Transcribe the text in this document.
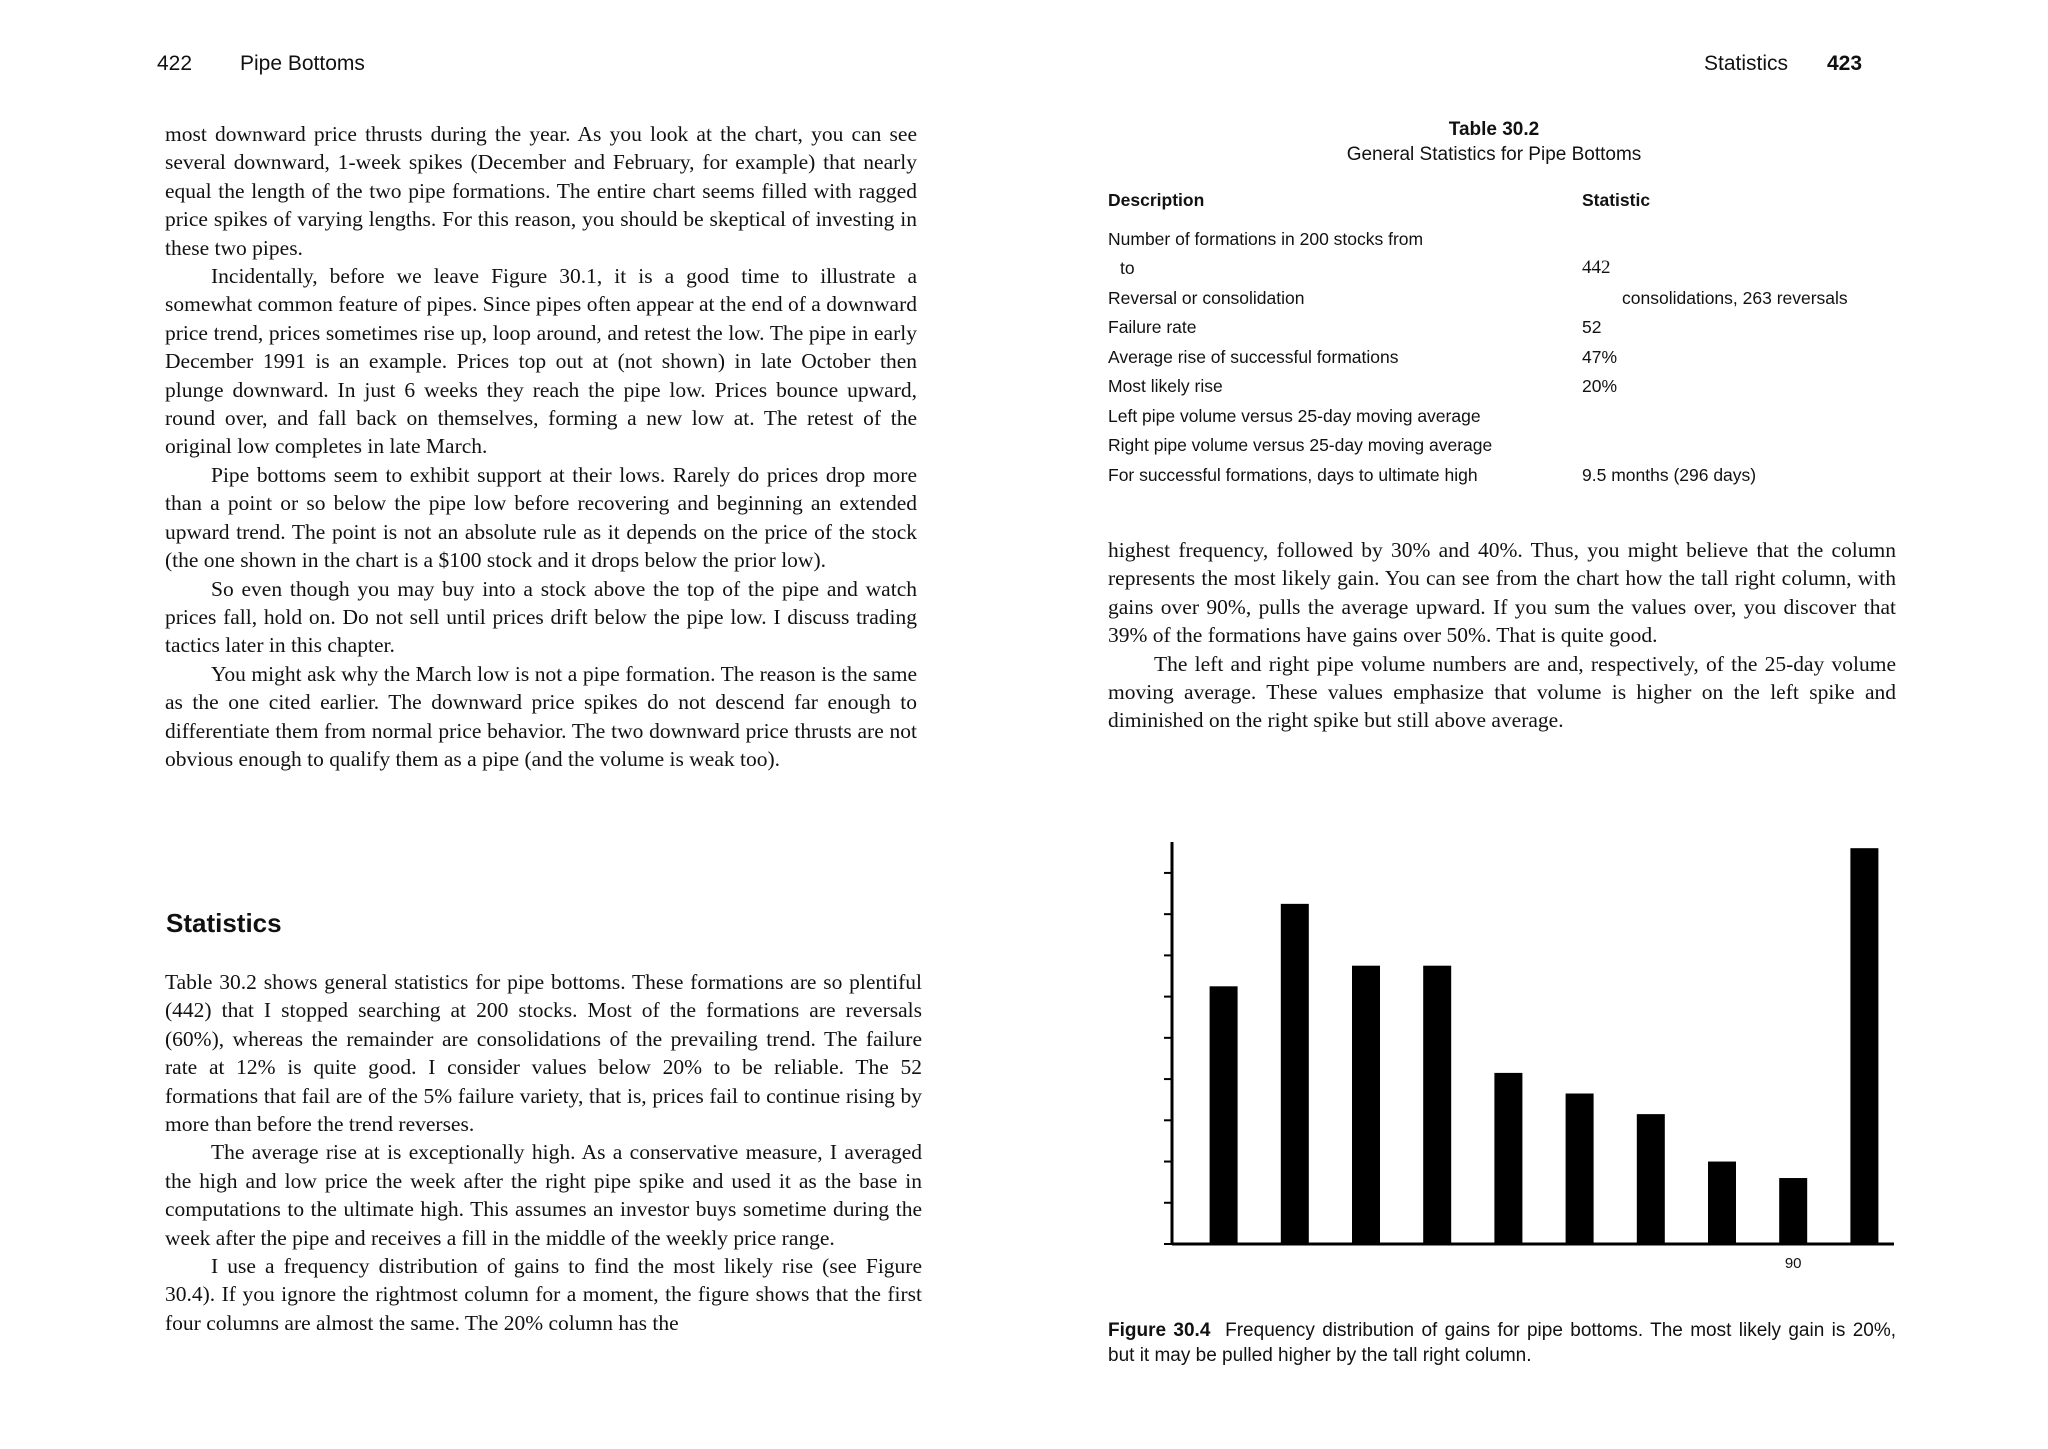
422 Pipe Bottoms

most downward price thrusts during the year. As you look at the chart, you can see several downward, 1-week spikes (December and February, for example) that nearly equal the length of the two pipe formations. The entire chart seems filled with ragged price spikes of varying lengths. For this reason, you should be skeptical of investing in these two pipes.

Incidentally, before we leave Figure 30.1, it is a good time to illustrate a somewhat common feature of pipes. Since pipes often appear at the end of a downward price trend, prices sometimes rise up, loop around, and retest the low. The pipe in early December 1991 is an example. Prices top out at (not shown) in late October then plunge downward. In just 6 weeks they reach the pipe low. Prices bounce upward, round over, and fall back on themselves, forming a new low at. The retest of the original low completes in late March.

Pipe bottoms seem to exhibit support at their lows. Rarely do prices drop more than a point or so below the pipe low before recovering and beginning an extended upward trend. The point is not an absolute rule as it depends on the price of the stock (the one shown in the chart is a $100 stock and it drops below the prior low).

So even though you may buy into a stock above the top of the pipe and watch prices fall, hold on. Do not sell until prices drift below the pipe low. I discuss trading tactics later in this chapter.

You might ask why the March low is not a pipe formation. The reason is the same as the one cited earlier. The downward price spikes do not descend far enough to differentiate them from normal price behavior. The two downward price thrusts are not obvious enough to qualify them as a pipe (and the volume is weak too).

Statistics

Table 30.2 shows general statistics for pipe bottoms. These formations are so plentiful (442) that I stopped searching at 200 stocks. Most of the formations are reversals (60%), whereas the remainder are consolidations of the prevailing trend. The failure rate at 12% is quite good. I consider values below 20% to be reliable. The 52 formations that fail are of the 5% failure variety, that is, prices fail to continue rising by more than before the trend reverses.

The average rise at is exceptionally high. As a conservative measure, I averaged the high and low price the week after the right pipe spike and used it as the base in computations to the ultimate high. This assumes an investor buys sometime during the week after the pipe and receives a fill in the middle of the weekly price range.

I use a frequency distribution of gains to find the most likely rise (see Figure 30.4). If you ignore the rightmost column for a moment, the figure shows that the first four columns are almost the same. The 20% column has the

Statistics 423
Table 30.2
General Statistics for Pipe Bottoms
Description	Statistic
Number of formations in 200 stocks from	
to	442
Reversal or consolidation	consolidations, 263 reversals
Failure rate	52
Average rise of successful formations	47%
Most likely rise	20%
Left pipe volume versus 25-day moving average	
Right pipe volume versus 25-day moving average	
For successful formations, days to ultimate high	9.5 months (296 days)

highest frequency, followed by 30% and 40%. Thus, you might believe that the column represents the most likely gain. You can see from the chart how the tall right column, with gains over 90%, pulls the average upward. If you sum the values over, you discover that 39% of the formations have gains over 50%. That is quite good.

The left and right pipe volume numbers are and, respectively, of the 25-day volume moving average. These values emphasize that volume is higher on the left spike and diminished on the right spike but still above average.

90
Figure 30.4 Frequency distribution of gains for pipe bottoms. The most likely gain is 20%, but it may be pulled higher by the tall right column.
